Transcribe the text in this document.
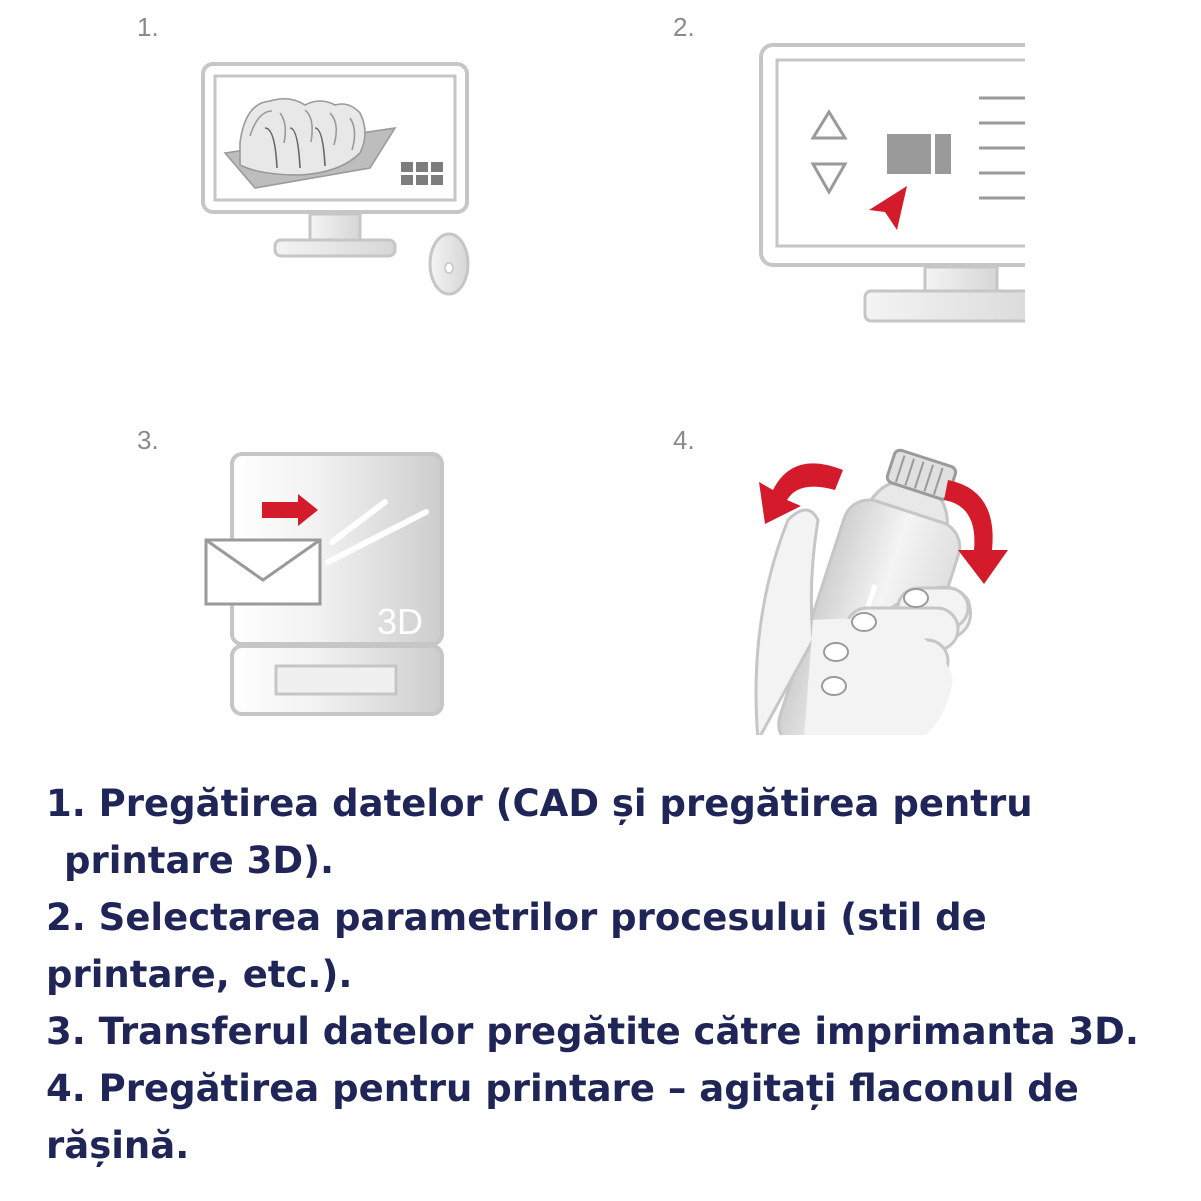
1.	2.
3.	4.
3D
1. Pregătirea datelor (CAD și pregătirea pentru
printare 3D).
2. Selectarea parametrilor procesului (stil de
printare, etc.).
3. Transferul datelor pregătite către imprimanta 3D.
4. Pregătirea pentru printare – agitați flaconul de
rășină.
